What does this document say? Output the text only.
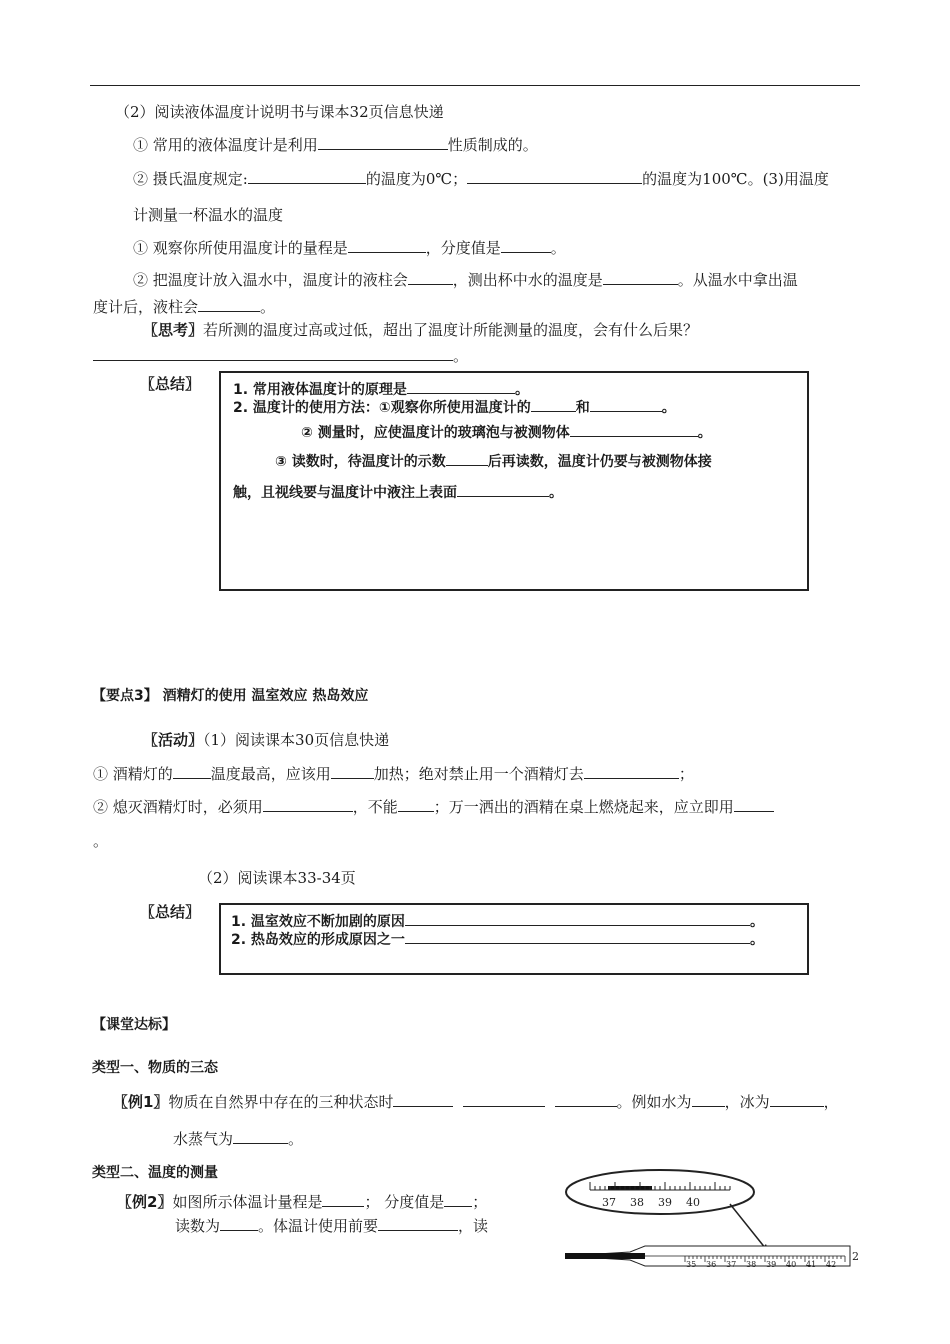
（2）阅读液体温度计说明书与课本32页信息快递
① 常用的液体温度计是利用	性质制成的。
② 摄氏温度规定:	的温度为0℃；	的温度为100℃。(3)用温度
计测量一杯温水的温度
① 观察你所使用温度计的量程是	，分度值是	。
② 把温度计放入温水中，温度计的液柱会	，测出杯中水的温度是	。从温水中拿出温
度计后，液柱会	。
〖思考〗若所测的温度过高或过低，超出了温度计所能测量的温度，会有什么后果？
。
〖总结〗 1. 常用液体温度计的原理是	。
2. 温度计的使用方法：①观察你所使用温度计的	和	。
② 测量时，应使温度计的玻璃泡与被测物体	。
③ 读数时，待温度计的示数	后再读数，温度计仍要与被测物体接
触，且视线要与温度计中液注上表面	。
【要点3】 酒精灯的使用 温室效应 热岛效应
〖活动〗（1）阅读课本30页信息快递
① 酒精灯的	温度最高，应该用	加热；绝对禁止用一个酒精灯去	；
② 熄灭酒精灯时，必须用	，不能 ；万一洒出的酒精在桌上燃烧起来，应立即用
。
（2）阅读课本33-34页
〖总结〗
1. 温室效应不断加剧的原因	。
2. 热岛效应的形成原因之一	。
【课堂达标】
类型一、物质的三态
〖例1〗物质在自然界中存在的三种状态时	。例如水为 ，冰为	，
水蒸气为	。
类型二、温度的测量
〖例2〗如图所示体温计量程是	； 分度值是 ；
读数为	。体温计使用前要	，读
37 38 39 40
35 36 37 38 39 40 41 42
2
